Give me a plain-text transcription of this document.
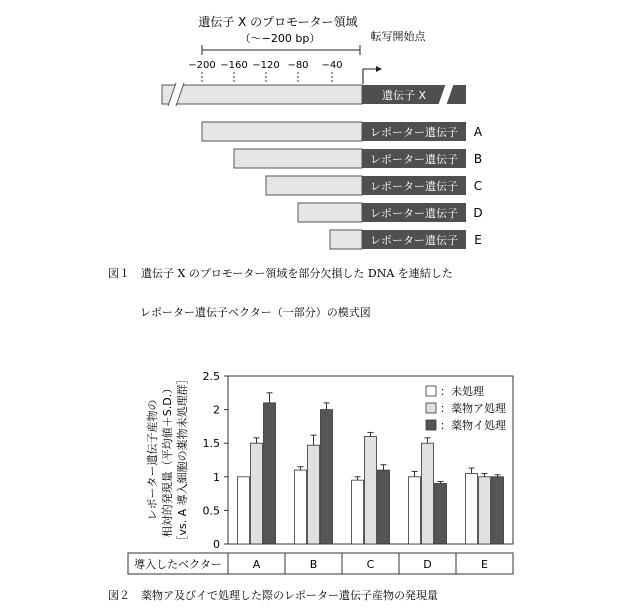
遺伝子 X のプロモーター領域
（〜−200 bp）	転写開始点
−200 −160 −120 −80 −40
遺伝子 X
レポーター遺伝子 A
レポーター遺伝子 B
レポーター遺伝子 C
レポーター遺伝子 D
レポーター遺伝子 E
図１　遺伝子 X のプロモーター領域を部分欠損した DNA を連結した
レポーター遺伝子ベクター（一部分）の模式図
レポーター遺伝子産物の 相対的発現量（平均値＋S.D.） ［vs. A 導入細胞の薬物未処理群］ 0
0.5
1
1.5
2
2.5
：未処理
：薬物ア処理
：薬物イ処理
導入したベクター	A	B	C	D	E
図２　薬物ア及びイで処理した際のレポーター遺伝子産物の発現量
